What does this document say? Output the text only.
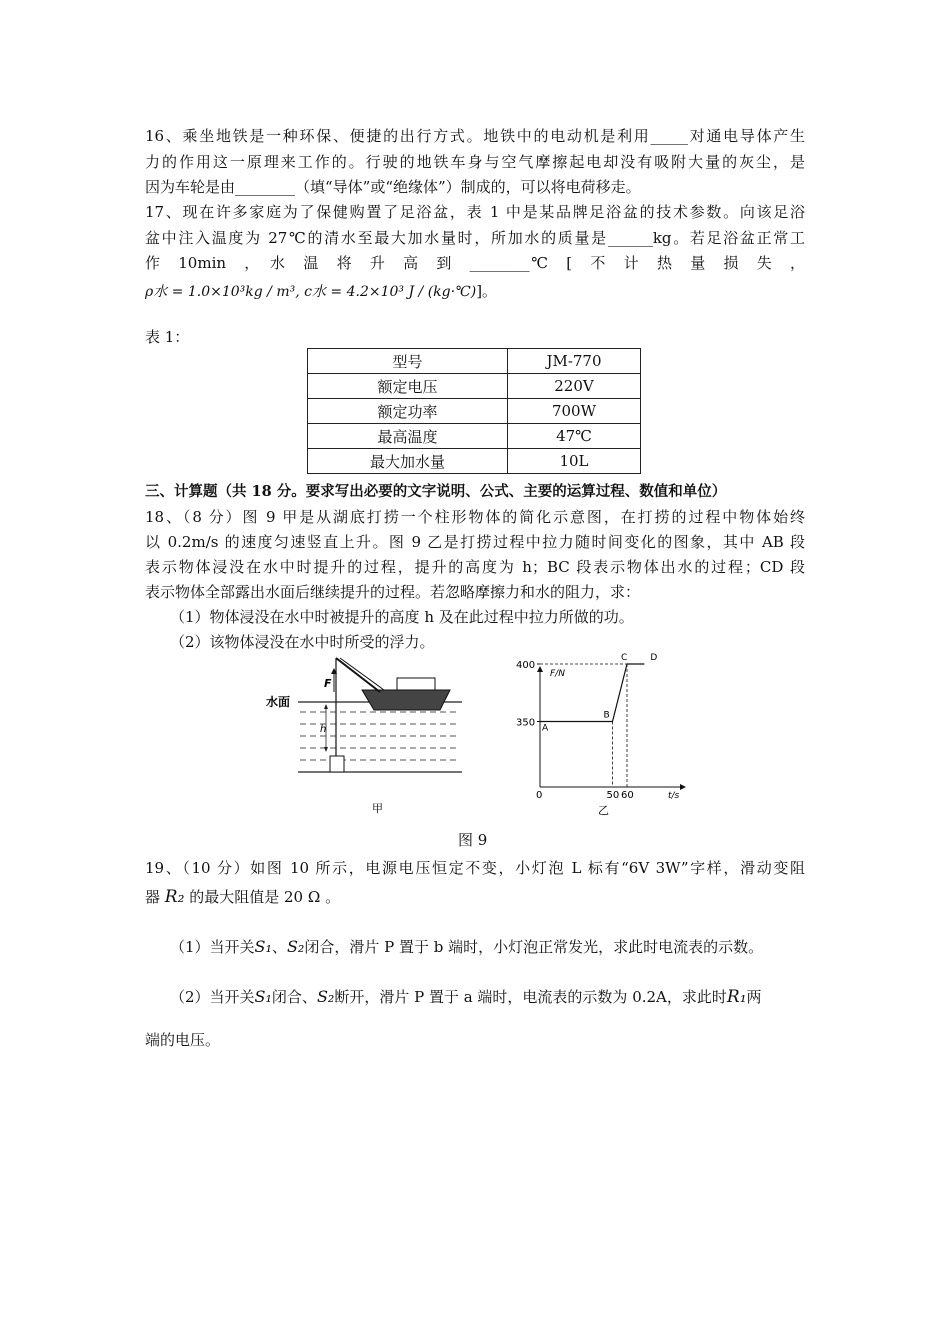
16、乘坐地铁是一种环保、便捷的出行方式。地铁中的电动机是利用_____对通电导体产生
力的作用这一原理来工作的。行驶的地铁车身与空气摩擦起电却没有吸附大量的灰尘，是
因为车轮是由________（填“导体”或“绝缘体”）制成的，可以将电荷移走。
17、现在许多家庭为了保健购置了足浴盆，表 1 中是某品牌足浴盆的技术参数。向该足浴
盆中注入温度为 27℃的清水至最大加水量时，所加水的质量是______kg。若足浴盆正常工
作　10min　，　水　温　将　升　高　到　________℃　[　不　计　热　量　损　失　，
ρ水 = 1.0×10³kg / m³, c水 = 4.2×10³ J / (kg·℃)]。
表 1：
型号	JM-770
额定电压	220V
额定功率	700W
最高温度	47℃
最大加水量	10L
三、计算题（共 18 分。要求写出必要的文字说明、公式、主要的运算过程、数值和单位）
18、（8 分）图 9 甲是从湖底打捞一个柱形物体的简化示意图，在打捞的过程中物体始终
以 0.2m/s 的速度匀速竖直上升。图 9 乙是打捞过程中拉力随时间变化的图象，其中 AB 段
表示物体浸没在水中时提升的过程，提升的高度为 h；BC 段表示物体出水的过程；CD 段
表示物体全部露出水面后继续提升的过程。若忽略摩擦力和水的阻力，求：
（1）物体浸没在水中时被提升的高度 h 及在此过程中拉力所做的功。
（2）该物体浸没在水中时所受的浮力。
F
h
水面
甲
F/N
t/s
0
350
400
50 60
A
B
C	D
乙
图 9
19、（10 分）如图 10 所示，电源电压恒定不变，小灯泡 L 标有“6V 3W”字样，滑动变阻
器 R₂ 的最大阻值是 20 Ω 。
（1）当开关S₁、S₂闭合，滑片 P 置于 b 端时，小灯泡正常发光，求此时电流表的示数。
（2）当开关S₁闭合、S₂断开，滑片 P 置于 a 端时，电流表的示数为 0.2A，求此时R₁两
端的电压。
